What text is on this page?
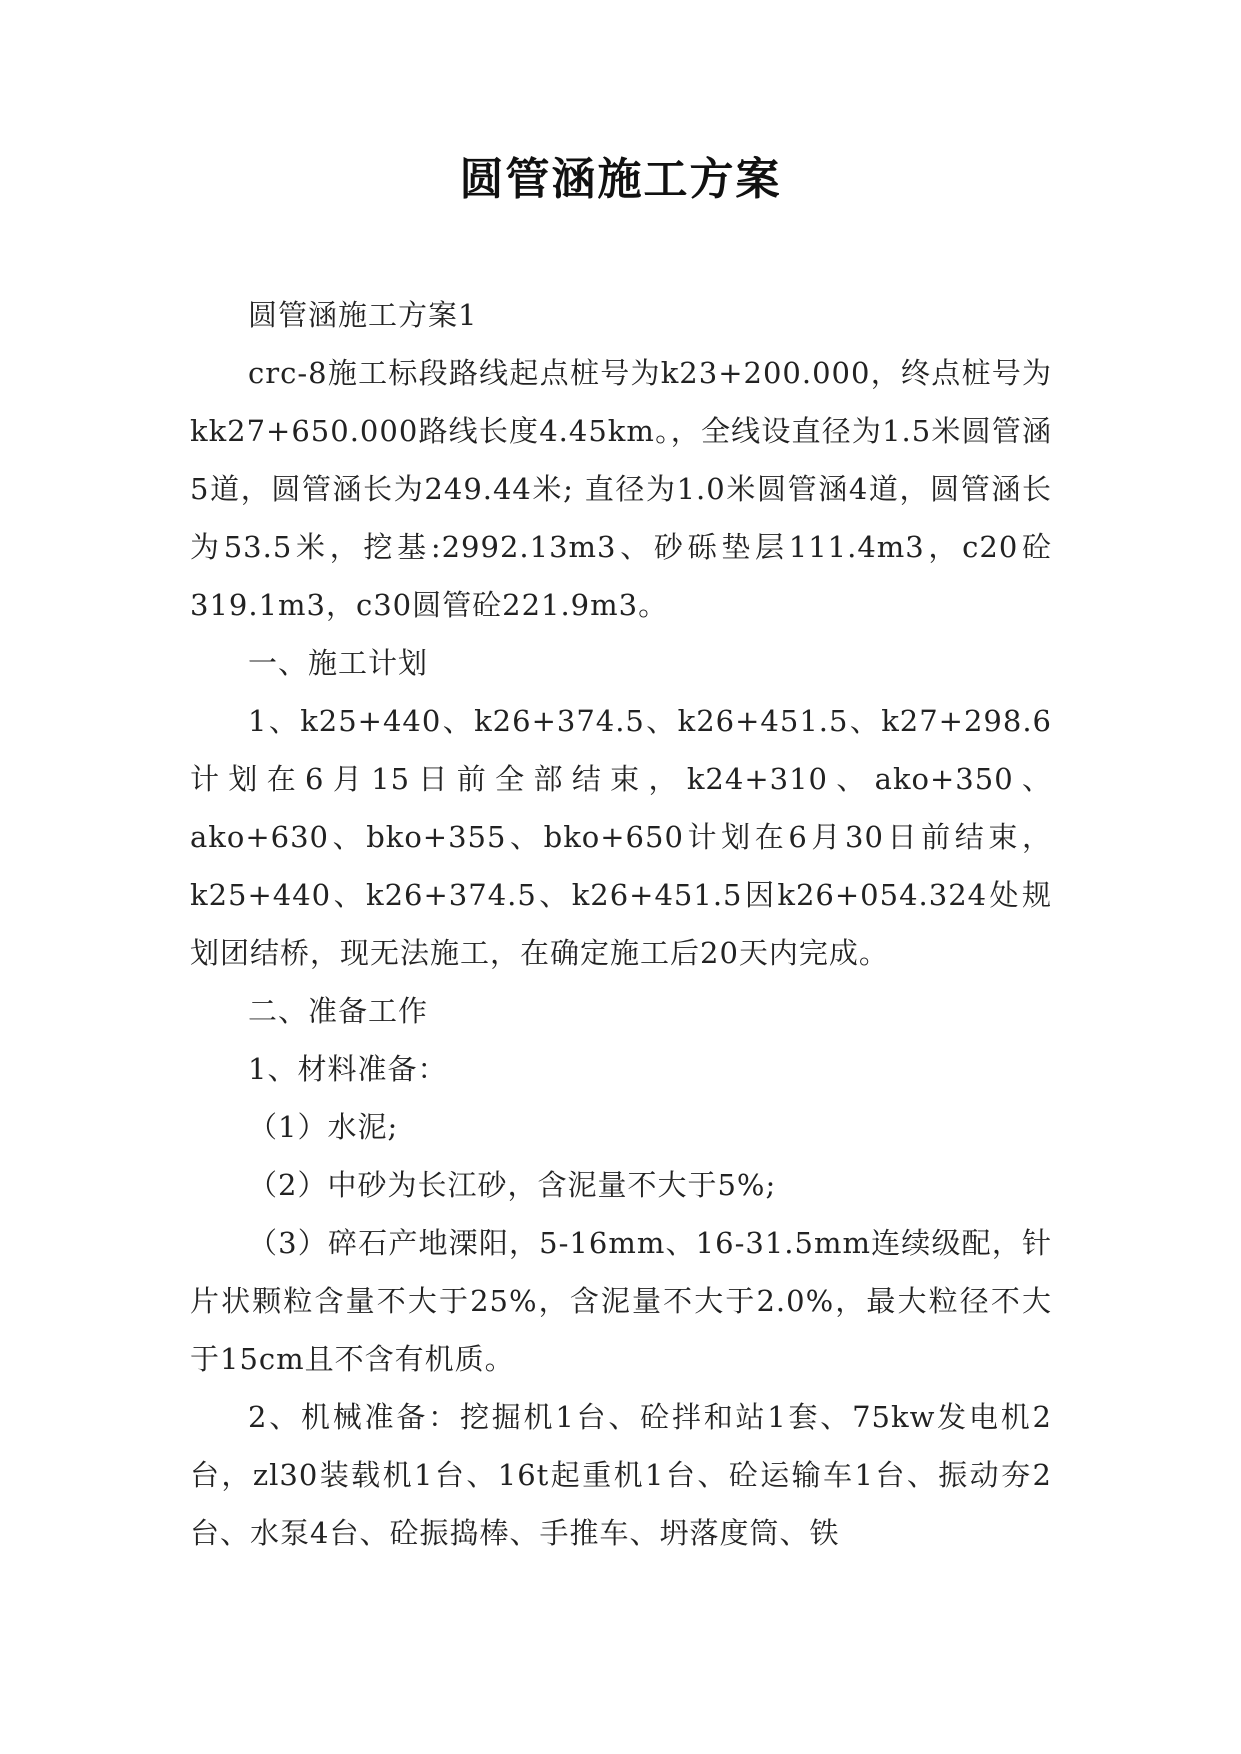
圆管涵施工方案

圆管涵施工方案1

crc-8施工标段路线起点桩号为k23+200.000，终点桩号为kk27+650.000路线长度4.45km。，全线设直径为1.5米圆管涵5道，圆管涵长为249.44米; 直径为1.0米圆管涵4道，圆管涵长为53.5米，挖基:2992.13m3、砂砾垫层111.4m3，c20砼319.1m3，c30圆管砼221.9m3。

一、施工计划

1、k25+440、k26+374.5、k26+451.5、k27+298.6计划在6月15日前全部结束，k24+310、ako+350、ako+630、bko+355、bko+650计划在6月30日前结束，k25+440、k26+374.5、k26+451.5因k26+054.324处规划团结桥，现无法施工，在确定施工后20天内完成。

二、准备工作

1、材料准备：

（1）水泥;

（2）中砂为长江砂，含泥量不大于5%;

（3）碎石产地溧阳，5-16mm、16-31.5mm连续级配，针片状颗粒含量不大于25%，含泥量不大于2.0%，最大粒径不大于15cm且不含有机质。

2、机械准备：挖掘机1台、砼拌和站1套、75kw发电机2台，zl30装载机1台、16t起重机1台、砼运输车1台、振动夯2台、水泵4台、砼振捣棒、手推车、坍落度筒、铁
